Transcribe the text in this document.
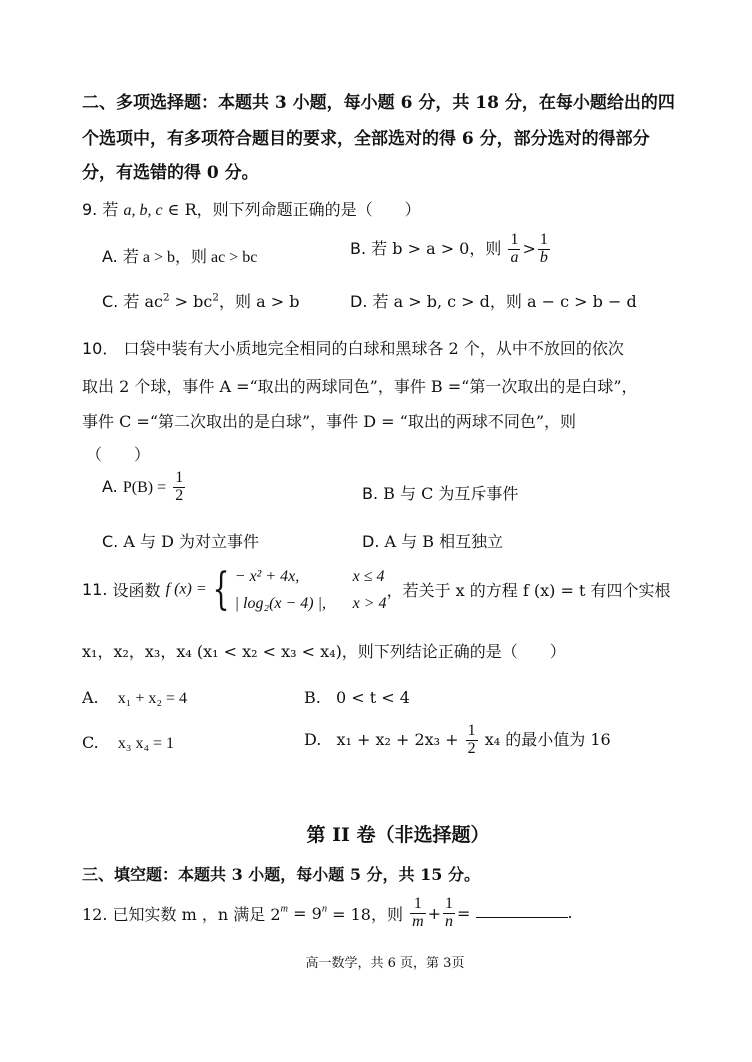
二、多项选择题：本题共 3 小题，每小题 6 分，共 18 分，在每小题给出的四
个选项中，有多项符合题目的要求，全部选对的得 6 分，部分选对的得部分
分，有选错的得 0 分。
9. 若 a, b, c ∈ R，则下列命题正确的是（　　）
A. 若 a > b，则 ac > bc	B. 若 b > a > 0，则 $\frac{1}{a} > \frac{1}{b}$
C. 若 $ac^2 > bc^2$，则 a > b	D. 若 a > b, c > d，则 a − c > b − d
10． 口袋中装有大小质地完全相同的白球和黑球各 2 个，从中不放回的依次
取出 2 个球，事件 A =“取出的两球同色”，事件 B =“第一次取出的是白球”，
事件 C =“第二次取出的是白球”，事件 D = “取出的两球不同色”，则
（　　）
A. $P(B) = \frac{1}{2}$	B. B 与 C 为互斥事件
C. A 与 D 为对立事件	D. A 与 B 相互独立
11. 设函数 f (x) = { − x² + 4x,	x ≤ 4
| log₂(x − 4) |, x > 4
，若关于 x 的方程 f (x) = t 有四个实根
x₁，x₂，x₃，x₄ (x₁ < x₂ < x₃ < x₄)，则下列结论正确的是（　　）
A. x₁ + x₂ = 4	B. 0 < t < 4
C. x₃ x₄ = 1	D. $x_1 + x_2 + 2x_3 + \frac{1}{2} x_4$ 的最小值为 16
第 II 卷（非选择题）
三、填空题：本题共 3 小题，每小题 5 分，共 15 分。
12. 已知实数 m ，n 满足 $2^m = 9^n = 18$，则 $\frac{1}{m} + \frac{1}{n}$ =	.
高一数学，共 6 页，第 3页
